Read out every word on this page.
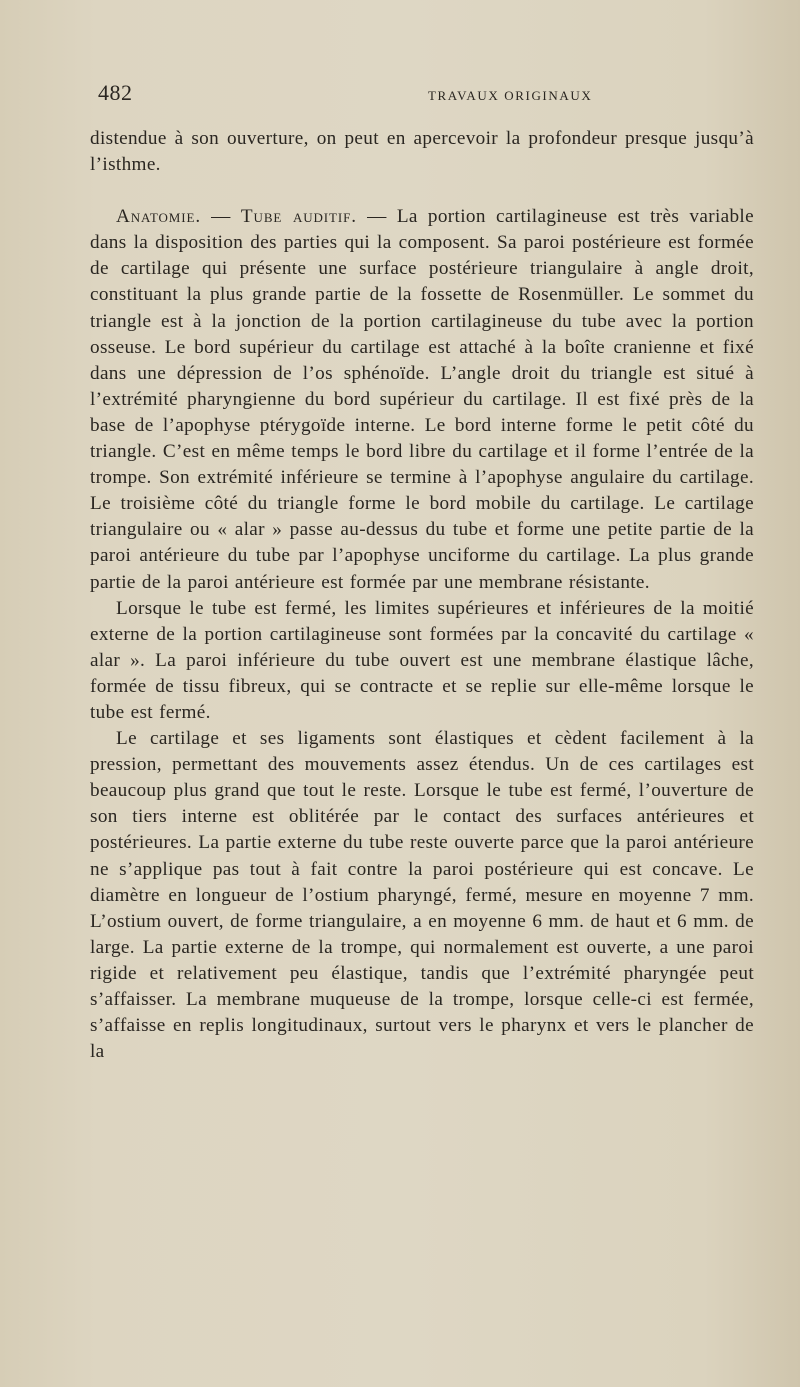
482	TRAVAUX ORIGINAUX

distendue à son ouverture, on peut en apercevoir la profondeur presque jusqu’à l’isthme.

Anatomie. — Tube auditif. — La portion cartilagineuse est très variable dans la disposition des parties qui la composent. Sa paroi postérieure est formée de cartilage qui présente une surface postérieure triangulaire à angle droit, constituant la plus grande partie de la fossette de Rosenmüller. Le sommet du triangle est à la jonction de la portion cartilagineuse du tube avec la portion osseuse. Le bord supérieur du cartilage est attaché à la boîte cranienne et fixé dans une dépression de l’os sphénoïde. L’angle droit du triangle est situé à l’extrémité pharyngienne du bord supérieur du cartilage. Il est fixé près de la base de l’apophyse ptérygoïde interne. Le bord interne forme le petit côté du triangle. C’est en même temps le bord libre du cartilage et il forme l’entrée de la trompe. Son extrémité inférieure se termine à l’apophyse angulaire du cartilage. Le troisième côté du triangle forme le bord mobile du cartilage. Le cartilage triangulaire ou « alar » passe au-dessus du tube et forme une petite partie de la paroi antérieure du tube par l’apophyse unciforme du cartilage. La plus grande partie de la paroi antérieure est formée par une membrane résistante.

Lorsque le tube est fermé, les limites supérieures et inférieures de la moitié externe de la portion cartilagineuse sont formées par la concavité du cartilage « alar ». La paroi inférieure du tube ouvert est une membrane élastique lâche, formée de tissu fibreux, qui se contracte et se replie sur elle-même lorsque le tube est fermé.

Le cartilage et ses ligaments sont élastiques et cèdent facilement à la pression, permettant des mouvements assez étendus. Un de ces cartilages est beaucoup plus grand que tout le reste. Lorsque le tube est fermé, l’ouverture de son tiers interne est oblitérée par le contact des surfaces antérieures et postérieures. La partie externe du tube reste ouverte parce que la paroi antérieure ne s’applique pas tout à fait contre la paroi postérieure qui est concave. Le diamètre en longueur de l’ostium pharyngé, fermé, mesure en moyenne 7 mm. L’ostium ouvert, de forme triangulaire, a en moyenne 6 mm. de haut et 6 mm. de large. La partie externe de la trompe, qui normalement est ouverte, a une paroi rigide et relativement peu élastique, tandis que l’extrémité pharyngée peut s’affaisser. La membrane muqueuse de la trompe, lorsque celle-ci est fermée, s’affaisse en replis longitudinaux, surtout vers le pharynx et vers le plancher de la
